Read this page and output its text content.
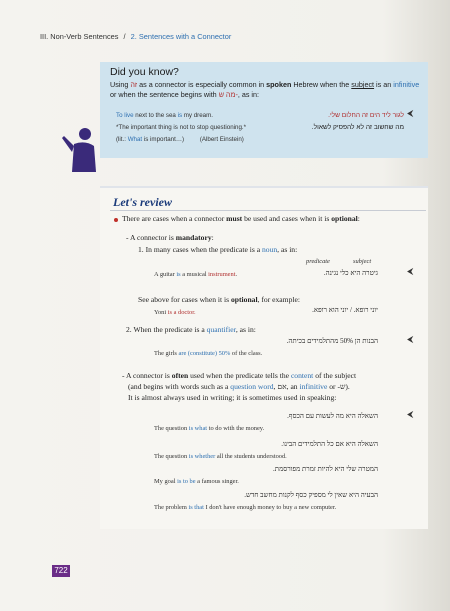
III. Non-Verb Sentences / 2. Sentences with a Connector
Did you know?
Using זה as a connector is especially common in spoken Hebrew when the subject is an infinitive or when the sentence begins with מה ש-, as in:
⮜
To live next to the sea is my dream.	לגור ליד הים זה החלום שלי.
*The important thing is not to stop questioning.*	מה שחשוב זה לא להפסיק לשאול.
(lit.: What is important…)	(Albert Einstein)
Let's review
There are cases when a connector must be used and cases when it is optional:
- A connector is mandatory:
1. In many cases when the predicate is a noun, as in:
predicate	subject
A guitar is a musical instrument.	גיטרה היא כלי נגינה.	⮜
See above for cases when it is optional, for example:
Yoni is a doctor.	יוני רופא. / יוני הוא רופא.
2. When the predicate is a quantifier, as in:
הבנות הן 50% מהתלמידים בכיתה.	⮜
The girls are (constitute) 50% of the class.
- A connector is often used when the predicate tells the content of the subject
(and begins with words such as a question word, אם, an infinitive or -ש).
It is almost always used in writing; it is sometimes used in speaking:
⮜
השאלה היא מה לעשות עם הכסף.
The question is what to do with the money.
השאלה היא אם כל התלמידים הבינו.
The question is whether all the students understood.
המטרה שלי היא להיות זמרת מפורסמת.
My goal is to be a famous singer.
הבעיה היא שאין לי מספיק כסף לקנות מחשב חדש.
The problem is that I don't have enough money to buy a new computer.
722
